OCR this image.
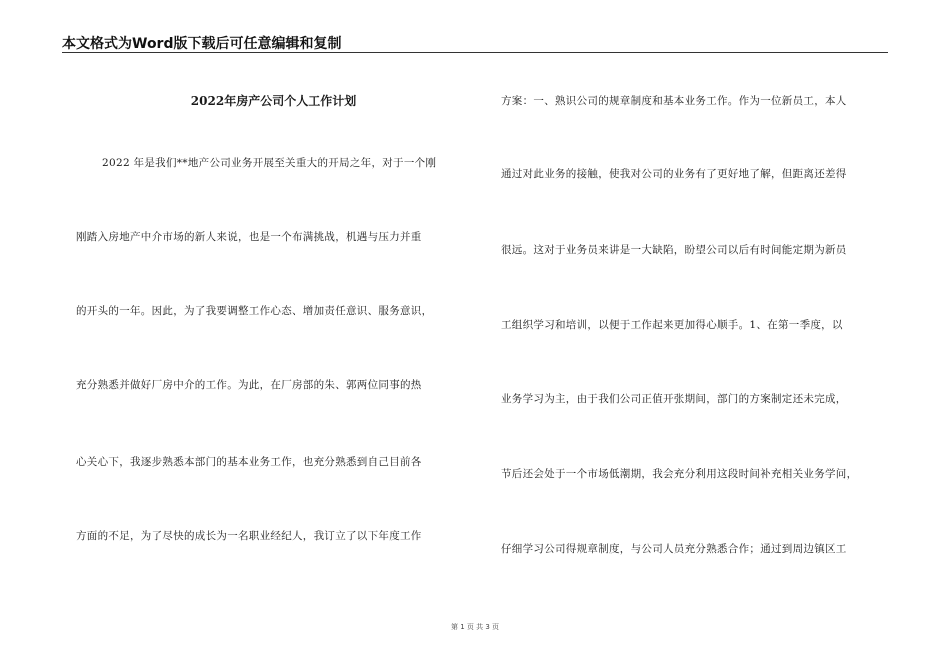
本文格式为Word版下载后可任意编辑和复制
2022年房产公司个人工作计划
2022 年是我们**地产公司业务开展至关重大的开局之年，对于一个刚
刚踏入房地产中介市场的新人来说，也是一个布满挑战，机遇与压力并重
的开头的一年。因此，为了我要调整工作心态、增加责任意识、服务意识，
充分熟悉并做好厂房中介的工作。为此，在厂房部的朱、郭两位同事的热
心关心下，我逐步熟悉本部门的基本业务工作，也充分熟悉到自己目前各
方面的不足，为了尽快的成长为一名职业经纪人，我订立了以下年度工作
方案：一、熟识公司的规章制度和基本业务工作。作为一位新员工，本人
通过对此业务的接触，使我对公司的业务有了更好地了解，但距离还差得
很远。这对于业务员来讲是一大缺陷，盼望公司以后有时间能定期为新员
工组织学习和培训，以便于工作起来更加得心顺手。1、在第一季度，以
业务学习为主，由于我们公司正值开张期间，部门的方案制定还未完成，
节后还会处于一个市场低潮期，我会充分利用这段时间补充相关业务学问，
仔细学习公司得规章制度，与公司人员充分熟悉合作；通过到周边镇区工
第 1 页 共 3 页
